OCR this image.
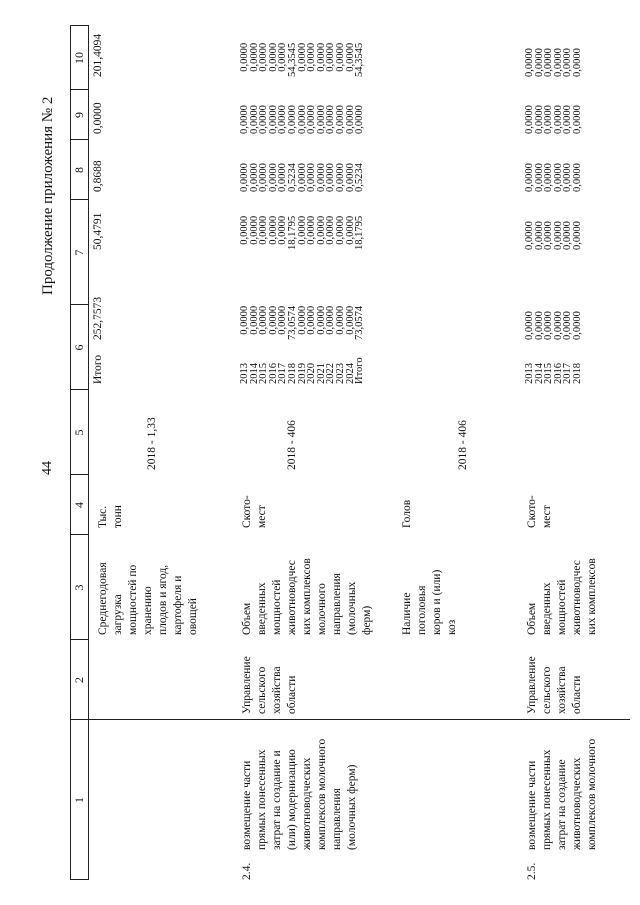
44
Продолжение приложения № 2
1
2
3
4
5
6
7
8
9
10
Среднегодовая загрузка мощностей по хранению плодов и ягод, картофеля и овощей
Тыс. тонн
2018 - 1,33
Итого
252,7573
50,4791
0,8688
0,0000
201,4094
2.4.
возмещение части прямых понесенных затрат на создание и (или) модернизацию животноводческих комплексов молочного направления (молочных ферм)
Управление сельского хозяйства области
Объем введенных мощностей животноводчес ких комплексов молочного направления (молочных ферм)
Ското- мест
2018 - 406
2013
2014
2015
2016
2017
2018
2019
2020
2021
2022
2023
2024
Итого
0,0000
0,0000
0,0000
0,0000
0,0000
73,0574
0,0000
0,0000
0,0000
0,0000
0,0000
0,0000
73,0574
0,0000
0,0000
0,0000
0,0000
0,0000
18,1795
0,0000
0,0000
0,0000
0,0000
0,0000
0,0000
18,1795
0,0000
0,0000
0,0000
0,0000
0,0000
0,5234
0,0000
0,0000
0,0000
0,0000
0,0000
0,0000
0,5234
0,0000
0,0000
0,0000
0,0000
0,0000
0,0000
0,0000
0,0000
0,0000
0,0000
0,0000
0,0000
0,0000
0,0000
0,0000
0,0000
0,0000
0,0000
54,3545
0,0000
0,0000
0,0000
0,0000
0,0000
0,0000
54,3545
Наличие поголовья коров и (или) коз
Голов
2018 - 406
2.5.
возмещение части прямых понесенных затрат на создание животноводческих комплексов молочного
Управление сельского хозяйства области
Объем введенных мощностей животноводчес ких комплексов
Ското- мест
2013
2014
2015
2016
2017
2018
0,0000
0,0000
0,0000
0,0000
0,0000
0,0000
0,0000
0,0000
0,0000
0,0000
0,0000
0,0000
0,0000
0,0000
0,0000
0,0000
0,0000
0,0000
0,0000
0,0000
0,0000
0,0000
0,0000
0,0000
0,0000
0,0000
0,0000
0,0000
0,0000
0,0000
